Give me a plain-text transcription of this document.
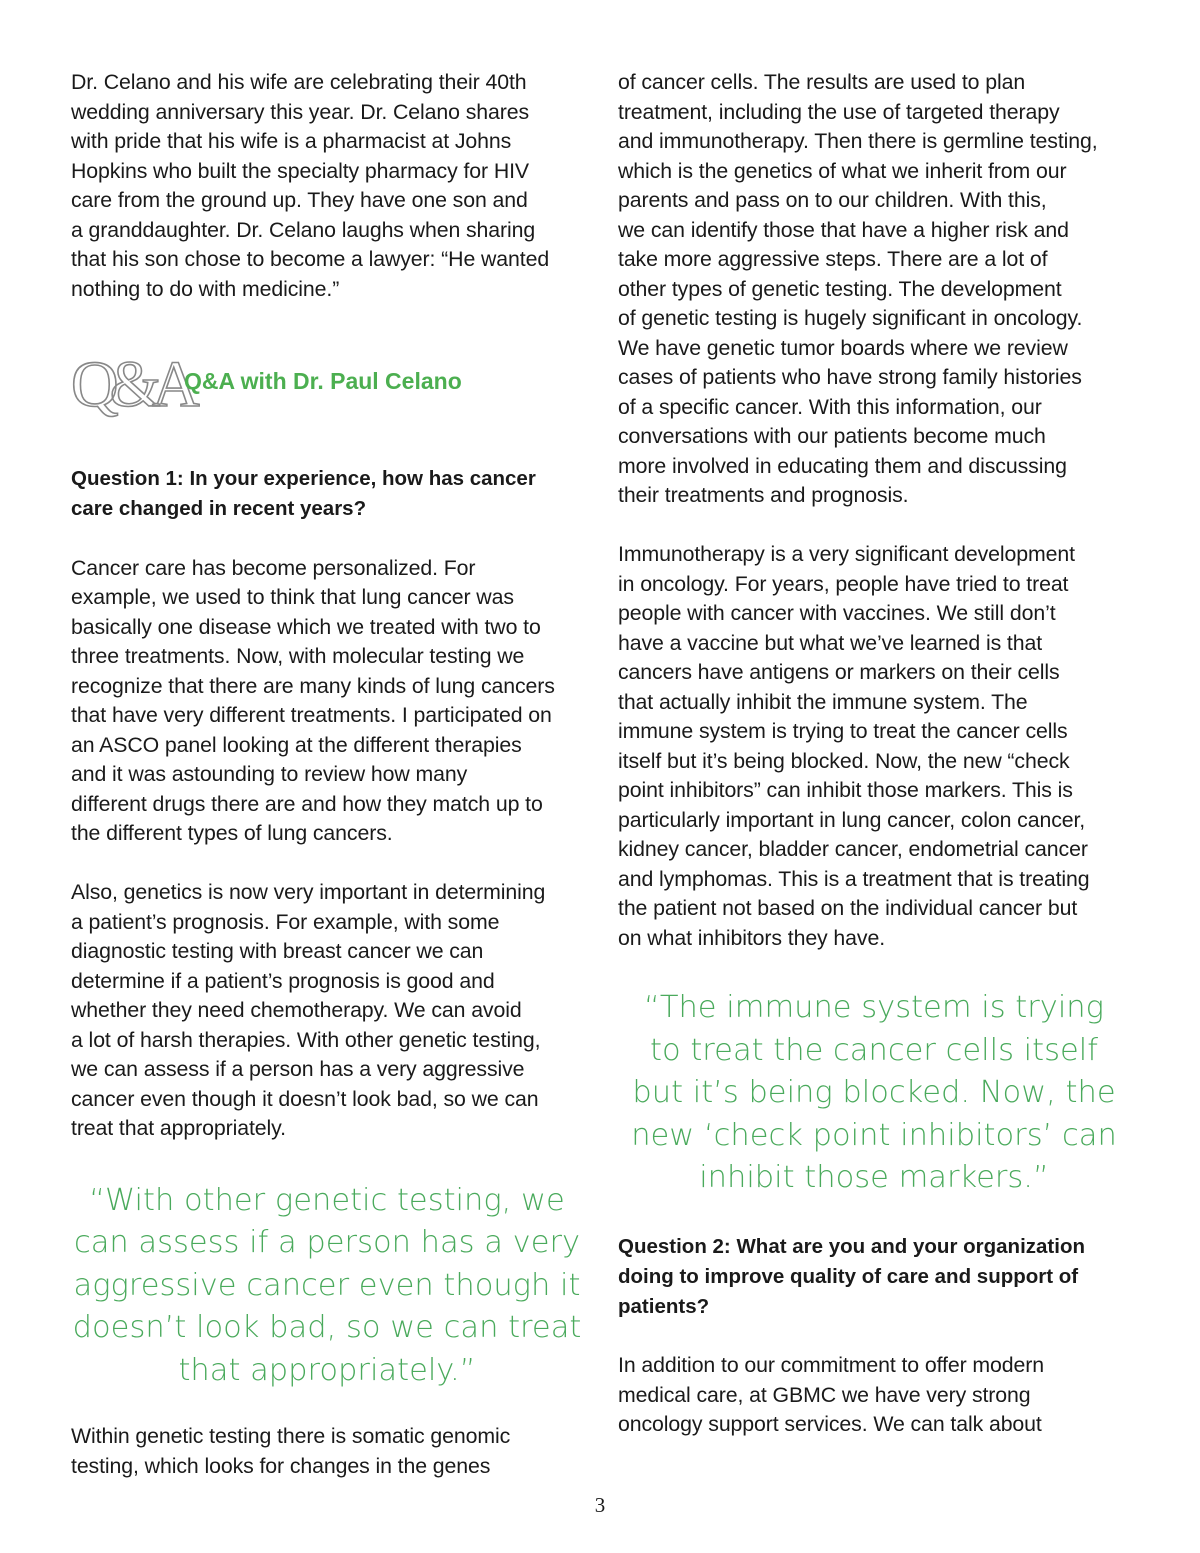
Dr. Celano and his wife are celebrating their 40th
wedding anniversary this year. Dr. Celano shares
with pride that his wife is a pharmacist at Johns
Hopkins who built the specialty pharmacy for HIV
care from the ground up. They have one son and
a granddaughter. Dr. Celano laughs when sharing
that his son chose to become a lawyer: “He wanted
nothing to do with medicine.”

Q&A
Q&A with Dr. Paul Celano

Question 1: In your experience, how has cancer
care changed in recent years?

Cancer care has become personalized. For
example, we used to think that lung cancer was
basically one disease which we treated with two to
three treatments. Now, with molecular testing we
recognize that there are many kinds of lung cancers
that have very different treatments. I participated on
an ASCO panel looking at the different therapies
and it was astounding to review how many
different drugs there are and how they match up to
the different types of lung cancers.

Also, genetics is now very important in determining
a patient’s prognosis. For example, with some
diagnostic testing with breast cancer we can
determine if a patient’s prognosis is good and
whether they need chemotherapy. We can avoid
a lot of harsh therapies. With other genetic testing,
we can assess if a person has a very aggressive
cancer even though it doesn’t look bad, so we can
treat that appropriately.

“With other genetic testing, we
can assess if a person has a very
aggressive cancer even though it
doesn’t look bad, so we can treat
that appropriately.”

Within genetic testing there is somatic genomic
testing, which looks for changes in the genes

of cancer cells. The results are used to plan
treatment, including the use of targeted therapy
and immunotherapy. Then there is germline testing,
which is the genetics of what we inherit from our
parents and pass on to our children. With this,
we can identify those that have a higher risk and
take more aggressive steps. There are a lot of
other types of genetic testing. The development
of genetic testing is hugely significant in oncology.
We have genetic tumor boards where we review
cases of patients who have strong family histories
of a specific cancer. With this information, our
conversations with our patients become much
more involved in educating them and discussing
their treatments and prognosis.

Immunotherapy is a very significant development
in oncology. For years, people have tried to treat
people with cancer with vaccines. We still don’t
have a vaccine but what we’ve learned is that
cancers have antigens or markers on their cells
that actually inhibit the immune system. The
immune system is trying to treat the cancer cells
itself but it’s being blocked. Now, the new “check
point inhibitors” can inhibit those markers. This is
particularly important in lung cancer, colon cancer,
kidney cancer, bladder cancer, endometrial cancer
and lymphomas. This is a treatment that is treating
the patient not based on the individual cancer but
on what inhibitors they have.

“The immune system is trying
to treat the cancer cells itself
but it’s being blocked. Now, the
new ‘check point inhibitors’ can
inhibit those markers.”

Question 2: What are you and your organization
doing to improve quality of care and support of
patients?

In addition to our commitment to offer modern
medical care, at GBMC we have very strong
oncology support services. We can talk about

3
